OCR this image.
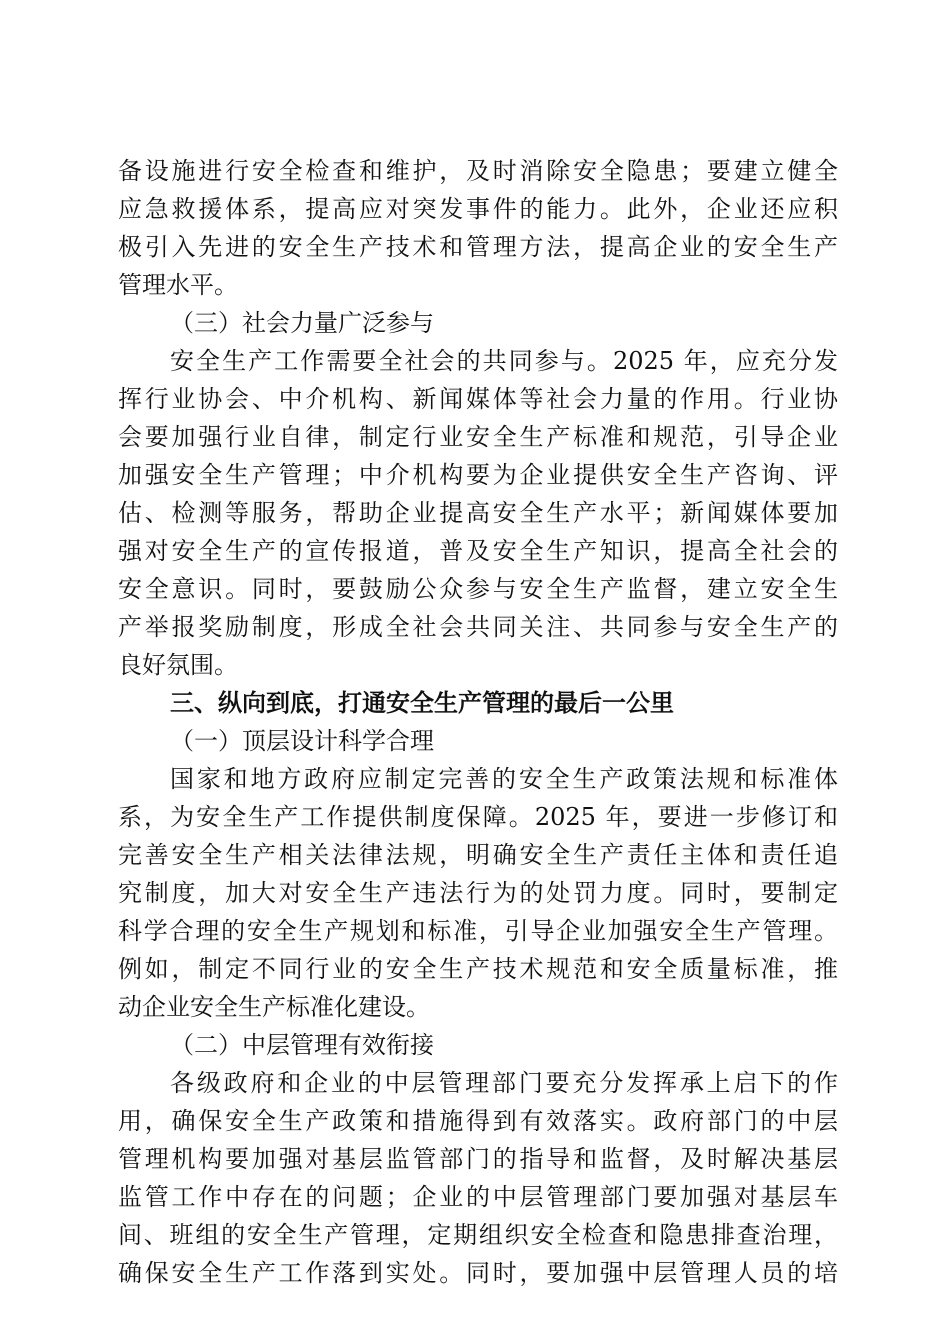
备设施进行安全检查和维护，及时消除安全隐患；要建立健全
应急救援体系，提高应对突发事件的能力。此外，企业还应积
极引入先进的安全生产技术和管理方法，提高企业的安全生产
管理水平。
（三）社会力量广泛参与
安全生产工作需要全社会的共同参与。2025 年，应充分发
挥行业协会、中介机构、新闻媒体等社会力量的作用。行业协
会要加强行业自律，制定行业安全生产标准和规范，引导企业
加强安全生产管理；中介机构要为企业提供安全生产咨询、评
估、检测等服务，帮助企业提高安全生产水平；新闻媒体要加
强对安全生产的宣传报道，普及安全生产知识，提高全社会的
安全意识。同时，要鼓励公众参与安全生产监督，建立安全生
产举报奖励制度，形成全社会共同关注、共同参与安全生产的
良好氛围。
三、纵向到底，打通安全生产管理的最后一公里
（一）顶层设计科学合理
国家和地方政府应制定完善的安全生产政策法规和标准体
系，为安全生产工作提供制度保障。2025 年，要进一步修订和
完善安全生产相关法律法规，明确安全生产责任主体和责任追
究制度，加大对安全生产违法行为的处罚力度。同时，要制定
科学合理的安全生产规划和标准，引导企业加强安全生产管理。
例如，制定不同行业的安全生产技术规范和安全质量标准，推
动企业安全生产标准化建设。
（二）中层管理有效衔接
各级政府和企业的中层管理部门要充分发挥承上启下的作
用，确保安全生产政策和措施得到有效落实。政府部门的中层
管理机构要加强对基层监管部门的指导和监督，及时解决基层
监管工作中存在的问题；企业的中层管理部门要加强对基层车
间、班组的安全生产管理，定期组织安全检查和隐患排查治理，
确保安全生产工作落到实处。同时，要加强中层管理人员的培
